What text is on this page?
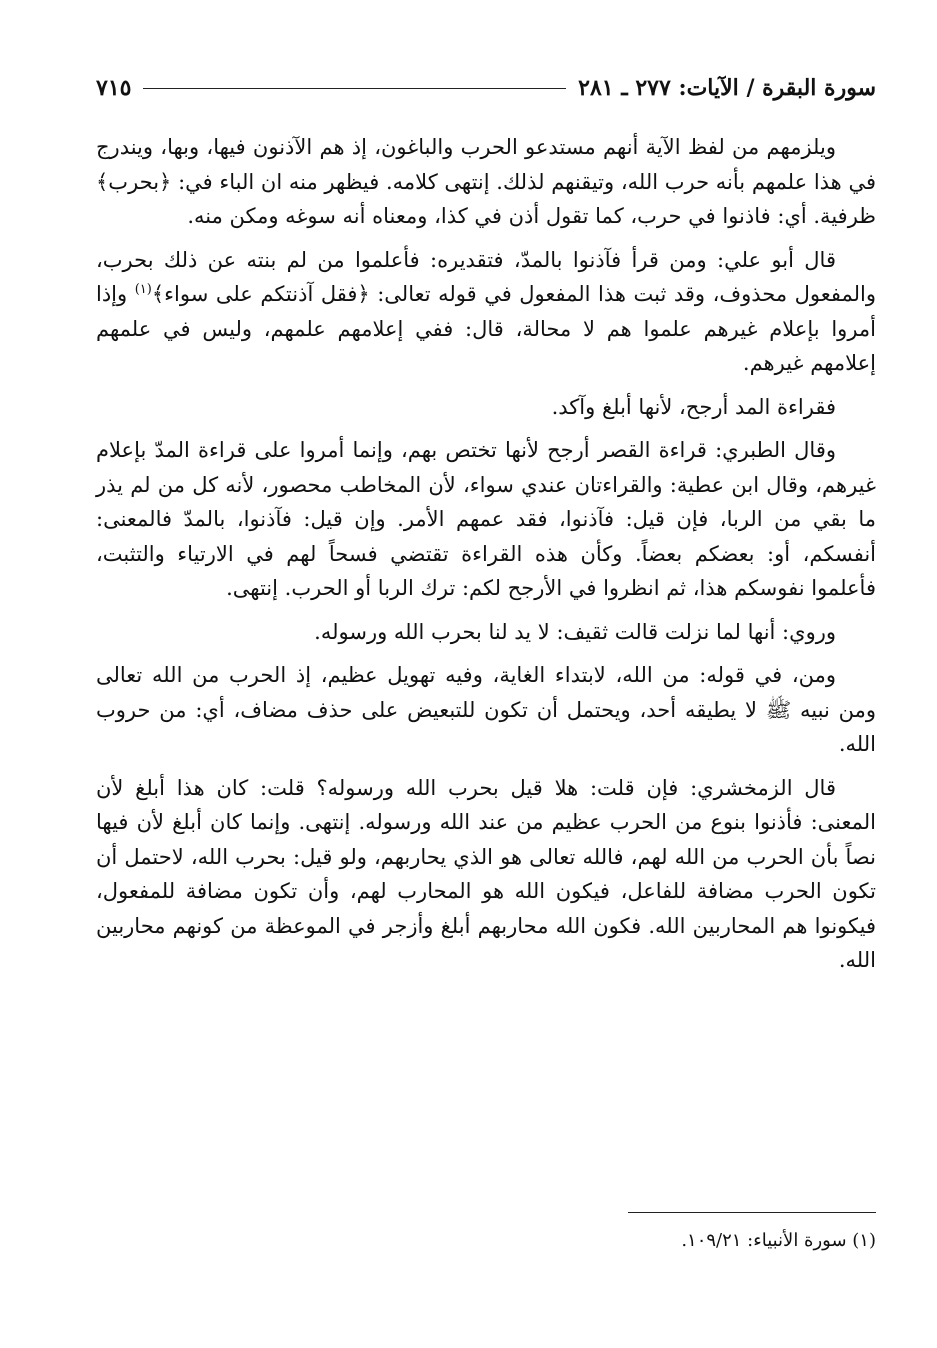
سورة البقرة / الآيات: ٢٧٧ ـ ٢٨١
٧١٥

ويلزمهم من لفظ الآية أنهم مستدعو الحرب والباغون، إذ هم الآذنون فيها، وبها، ويندرج في هذا علمهم بأنه حرب الله، وتيقنهم لذلك. إنتهى كلامه. فيظهر منه ان الباء في: ﴿بحرب﴾ ظرفية. أي: فاذنوا في حرب، كما تقول أذن في كذا، ومعناه أنه سوغه ومكن منه.

قال أبو علي: ومن قرأ فآذنوا بالمدّ، فتقديره: فأعلموا من لم بنته عن ذلك بحرب، والمفعول محذوف، وقد ثبت هذا المفعول في قوله تعالى: ﴿فقل آذنتكم على سواء﴾$^{(١)}$ وإذا أمروا بإعلام غيرهم علموا هم لا محالة، قال: ففي إعلامهم علمهم، وليس في علمهم إعلامهم غيرهم.

فقراءة المد أرجح، لأنها أبلغ وآكد.

وقال الطبري: قراءة القصر أرجح لأنها تختص بهم، وإنما أمروا على قراءة المدّ بإعلام غيرهم، وقال ابن عطية: والقراءتان عندي سواء، لأن المخاطب محصور، لأنه كل من لم يذر ما بقي من الربا، فإن قيل: فآذنوا، فقد عمهم الأمر. وإن قيل: فآذنوا، بالمدّ فالمعنى: أنفسكم، أو: بعضكم بعضاً. وكأن هذه القراءة تقتضي فسحاً لهم في الارتياء والتثبت، فأعلموا نفوسكم هذا، ثم انظروا في الأرجح لكم: ترك الربا أو الحرب. إنتهى.

وروي: أنها لما نزلت قالت ثقيف: لا يد لنا بحرب الله ورسوله.

ومن، في قوله: من الله، لابتداء الغاية، وفيه تهويل عظيم، إذ الحرب من الله تعالى ومن نبيه ﷺ لا يطيقه أحد، ويحتمل أن تكون للتبعيض على حذف مضاف، أي: من حروب الله.

قال الزمخشري: فإن قلت: هلا قيل بحرب الله ورسوله؟ قلت: كان هذا أبلغ لأن المعنى: فأذنوا بنوع من الحرب عظيم من عند الله ورسوله. إنتهى. وإنما كان أبلغ لأن فيها نصاً بأن الحرب من الله لهم، فالله تعالى هو الذي يحاربهم، ولو قيل: بحرب الله، لاحتمل أن تكون الحرب مضافة للفاعل، فيكون الله هو المحارب لهم، وأن تكون مضافة للمفعول، فيكونوا هم المحاربين الله. فكون الله محاربهم أبلغ وأزجر في الموعظة من كونهم محاربين الله.

(١) سورة الأنبياء: ١٠٩/٢١.
